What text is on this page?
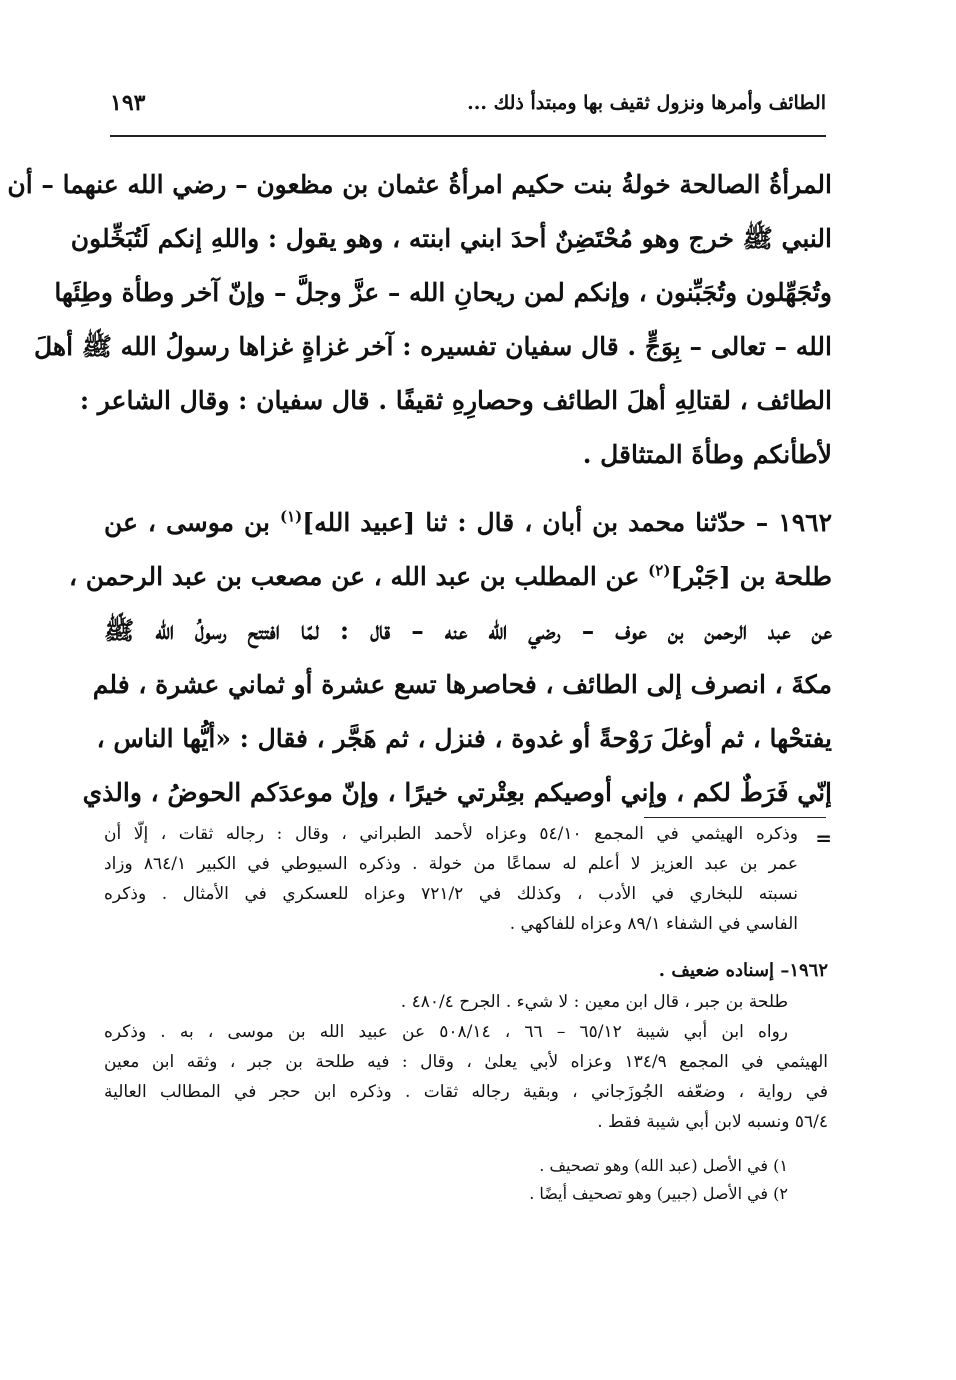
الطائف وأمرها ونزول ثقيف بها ومبتدأ ذلك ...
١٩٣
المرأةُ الصالحة خولةُ بنت حكيم امرأةُ عثمان بن مظعون – رضي الله عنهما – أن
النبي ﷺ خرج وهو مُحْتَضِنٌ أحدَ ابني ابنته ، وهو يقول : واللهِ إنكم لَتُبَخِّلون
وتُجَهِّلون وتُجَبِّنون ، وإنكم لمن ريحانِ الله – عزَّ وجلَّ – وإنّ آخر وطأة وطِئَها
الله – تعالى – بِوَجٍّ . قال سفيان تفسيره : آخر غزاةٍ غزاها رسولُ الله ﷺ أهلَ
الطائف ، لقتالِهِ أهلَ الطائف وحصارِهِ ثقيفًا . قال سفيان : وقال الشاعر :
لأطأنكم وطأةَ المتثاقل .
١٩٦٢ – حدّثنا محمد بن أبان ، قال : ثنا [عبيد الله]$^{(١)}$ بن موسى ، عن
طلحة بن [جَبْر]$^{(٢)}$ عن المطلب بن عبد الله ، عن مصعب بن عبد الرحمن ،
عن عبد الرحمن بن عوف – رضي الله عنه – قال : لمّا افتتح رسولُ الله ﷺ
مكةَ ، انصرف إلى الطائف ، فحاصرها تسع عشرة أو ثماني عشرة ، فلم
يفتحْها ، ثم أوغلَ رَوْحةً أو غدوة ، فنزل ، ثم هَجَّر ، فقال : «أيُّها الناس ،
إنّي فَرَطٌ لكم ، وإني أوصيكم بعِتْرتي خيرًا ، وإنّ موعدَكم الحوضُ ، والذي
=
وذكره الهيثمي في المجمع ٥٤/١٠ وعزاه لأحمد الطبراني ، وقال : رجاله ثقات ، إلّا أن
عمر بن عبد العزيز لا أعلم له سماعًا من خولة . وذكره السيوطي في الكبير ٨٦٤/١ وزاد
نسبته للبخاري في الأدب ، وكذلك في ٧٢١/٢ وعزاه للعسكري في الأمثال . وذكره
الفاسي في الشفاء ٨٩/١ وعزاه للفاكهي .
١٩٦٢– إسناده ضعيف .
طلحة بن جبر ، قال ابن معين : لا شيء . الجرح ٤٨٠/٤ .
رواه ابن أبي شيبة ٦٥/١٢ – ٦٦ ، ٥٠٨/١٤ عن عبيد الله بن موسى ، به . وذكره
الهيثمي في المجمع ١٣٤/٩ وعزاه لأبي يعلىٰ ، وقال : فيه طلحة بن جبر ، وثقه ابن معين
في رواية ، وضعّفه الجُوزَجاني ، وبقية رجاله ثقات . وذكره ابن حجر في المطالب العالية
٥٦/٤ ونسبه لابن أبي شيبة فقط .
١) في الأصل (عبد الله) وهو تصحيف .
٢) في الأصل (جبير) وهو تصحيف أيضًا .
